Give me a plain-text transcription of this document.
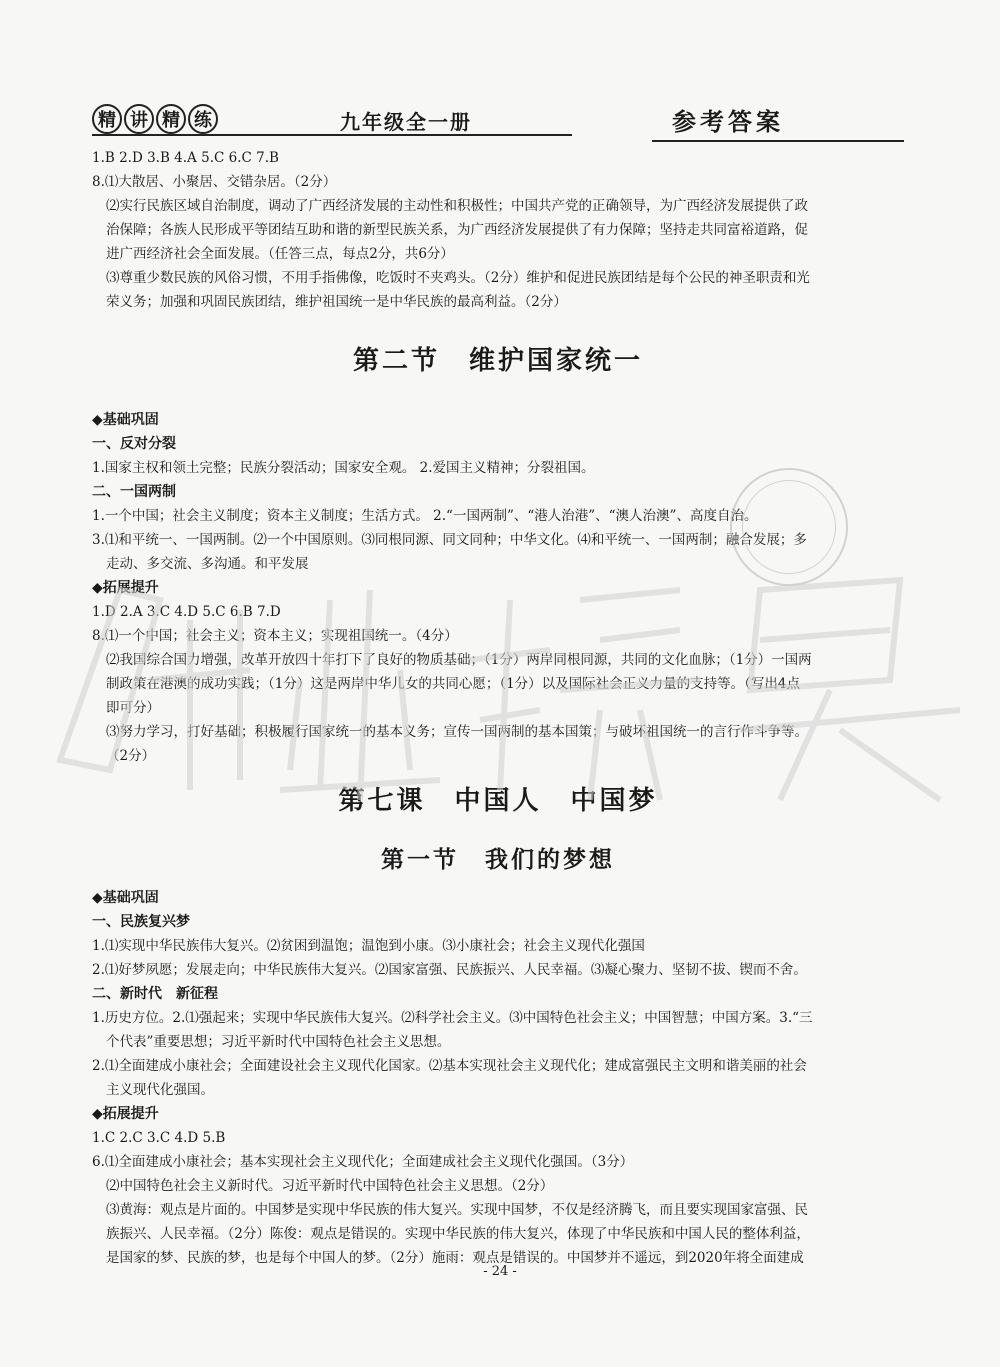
精 讲 精 练	九年级全一册	参考答案
1.B 2.D 3.B 4.A 5.C 6.C 7.B
8.⑴大散居、小聚居、交错杂居。（2分）
⑵实行民族区域自治制度，调动了广西经济发展的主动性和积极性；中国共产党的正确领导，为广西经济发展提供了政
治保障；各族人民形成平等团结互助和谐的新型民族关系，为广西经济发展提供了有力保障；坚持走共同富裕道路，促
进广西经济社会全面发展。（任答三点，每点2分，共6分）
⑶尊重少数民族的风俗习惯，不用手指佛像，吃饭时不夹鸡头。（2分）维护和促进民族团结是每个公民的神圣职责和光
荣义务；加强和巩固民族团结，维护祖国统一是中华民族的最高利益。（2分）
第二节　维护国家统一
◆基础巩固
一、反对分裂
1.国家主权和领土完整；民族分裂活动；国家安全观。 2.爱国主义精神；分裂祖国。
二、一国两制
1.一个中国；社会主义制度；资本主义制度；生活方式。 2.“一国两制”、“港人治港”、“澳人治澳”、高度自治。
3.⑴和平统一、一国两制。⑵一个中国原则。⑶同根同源、同文同种；中华文化。⑷和平统一、一国两制；融合发展；多
走动、多交流、多沟通。和平发展
◆拓展提升
1.D 2.A 3.C 4.D 5.C 6.B 7.D
8.⑴一个中国；社会主义；资本主义；实现祖国统一。（4分）
⑵我国综合国力增强，改革开放四十年打下了良好的物质基础；（1分）两岸同根同源，共同的文化血脉；（1分）一国两
制政策在港澳的成功实践；（1分）这是两岸中华儿女的共同心愿；（1分）以及国际社会正义力量的支持等。（写出4点
即可分）
⑶努力学习，打好基础；积极履行国家统一的基本义务；宣传一国两制的基本国策；与破坏祖国统一的言行作斗争等。
（2分）
第七课　中国人　中国梦
第一节　我们的梦想
◆基础巩固
一、民族复兴梦
1.⑴实现中华民族伟大复兴。⑵贫困到温饱；温饱到小康。⑶小康社会；社会主义现代化强国
2.⑴好梦夙愿；发展走向；中华民族伟大复兴。⑵国家富强、民族振兴、人民幸福。⑶凝心聚力、坚韧不拔、锲而不舍。
二、新时代　新征程
1.历史方位。2.⑴强起来；实现中华民族伟大复兴。⑵科学社会主义。⑶中国特色社会主义；中国智慧；中国方案。3.“三
个代表”重要思想；习近平新时代中国特色社会主义思想。
2.⑴全面建成小康社会；全面建设社会主义现代化国家。⑵基本实现社会主义现代化；建成富强民主文明和谐美丽的社会
主义现代化强国。
◆拓展提升
1.C 2.C 3.C 4.D 5.B
6.⑴全面建成小康社会；基本实现社会主义现代化；全面建成社会主义现代化强国。（3分）
⑵中国特色社会主义新时代。习近平新时代中国特色社会主义思想。（2分）
⑶黄海：观点是片面的。中国梦是实现中华民族的伟大复兴。实现中国梦，不仅是经济腾飞，而且要实现国家富强、民
族振兴、人民幸福。（2分）陈俊：观点是错误的。实现中华民族的伟大复兴，体现了中华民族和中国人民的整体利益，
是国家的梦、民族的梦，也是每个中国人的梦。（2分）施雨：观点是错误的。中国梦并不遥远，到2020年将全面建成
- 24 -
